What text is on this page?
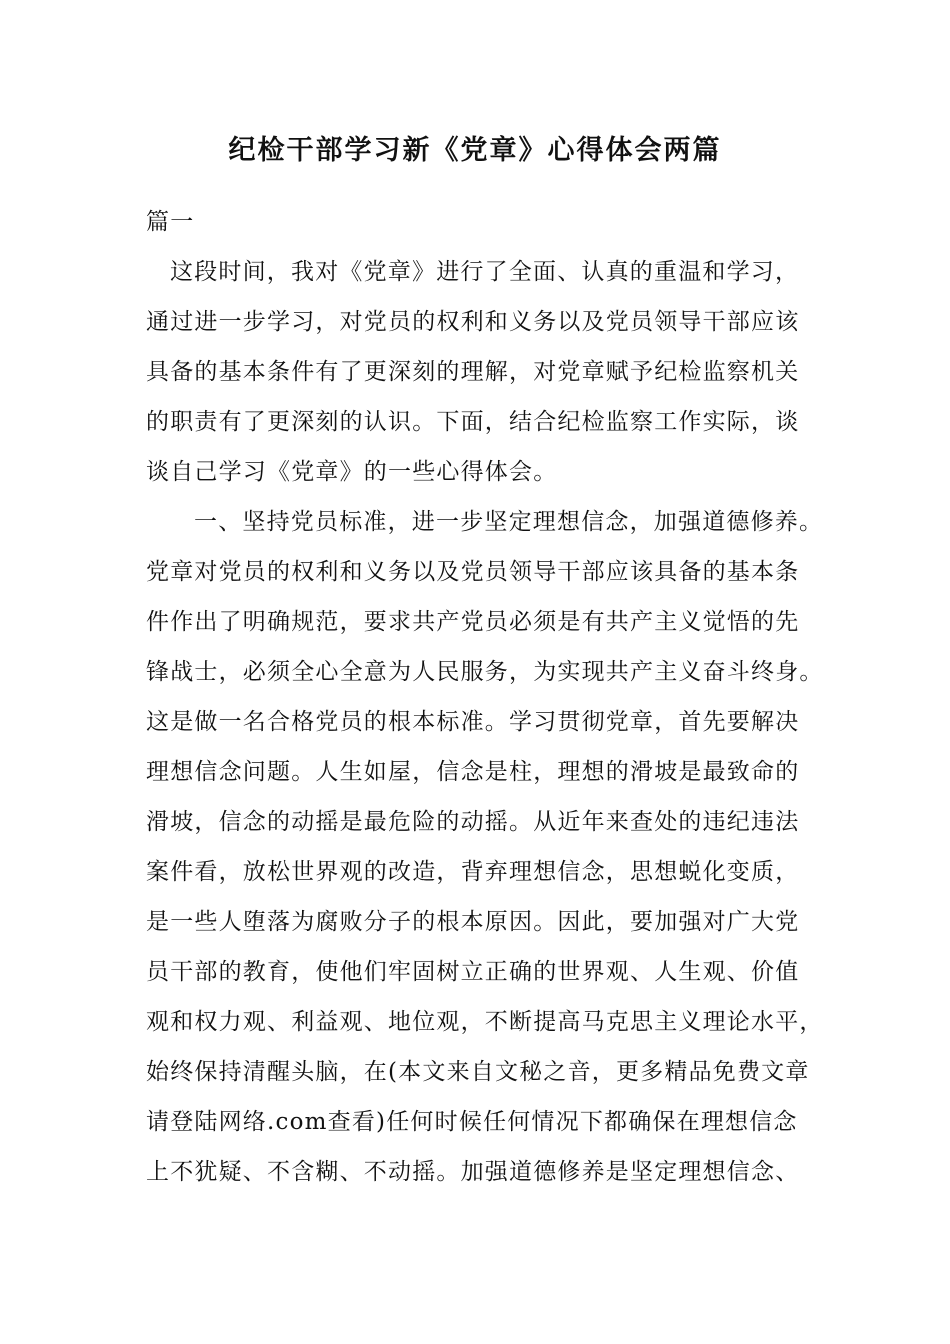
纪检干部学习新《党章》心得体会两篇
篇一
这段时间，我对《党章》进行了全面、认真的重温和学习，
通过进一步学习，对党员的权利和义务以及党员领导干部应该
具备的基本条件有了更深刻的理解，对党章赋予纪检监察机关
的职责有了更深刻的认识。下面，结合纪检监察工作实际，谈
谈自己学习《党章》的一些心得体会。
一、坚持党员标准，进一步坚定理想信念，加强道德修养。
党章对党员的权利和义务以及党员领导干部应该具备的基本条
件作出了明确规范，要求共产党员必须是有共产主义觉悟的先
锋战士，必须全心全意为人民服务，为实现共产主义奋斗终身。
这是做一名合格党员的根本标准。学习贯彻党章，首先要解决
理想信念问题。人生如屋，信念是柱，理想的滑坡是最致命的
滑坡，信念的动摇是最危险的动摇。从近年来查处的违纪违法
案件看，放松世界观的改造，背弃理想信念，思想蜕化变质，
是一些人堕落为腐败分子的根本原因。因此，要加强对广大党
员干部的教育，使他们牢固树立正确的世界观、人生观、价值
观和权力观、利益观、地位观，不断提高马克思主义理论水平，
始终保持清醒头脑，在(本文来自文秘之音，更多精品免费文章
请登陆网络.com查看)任何时候任何情况下都确保在理想信念
上不犹疑、不含糊、不动摇。加强道德修养是坚定理想信念、
